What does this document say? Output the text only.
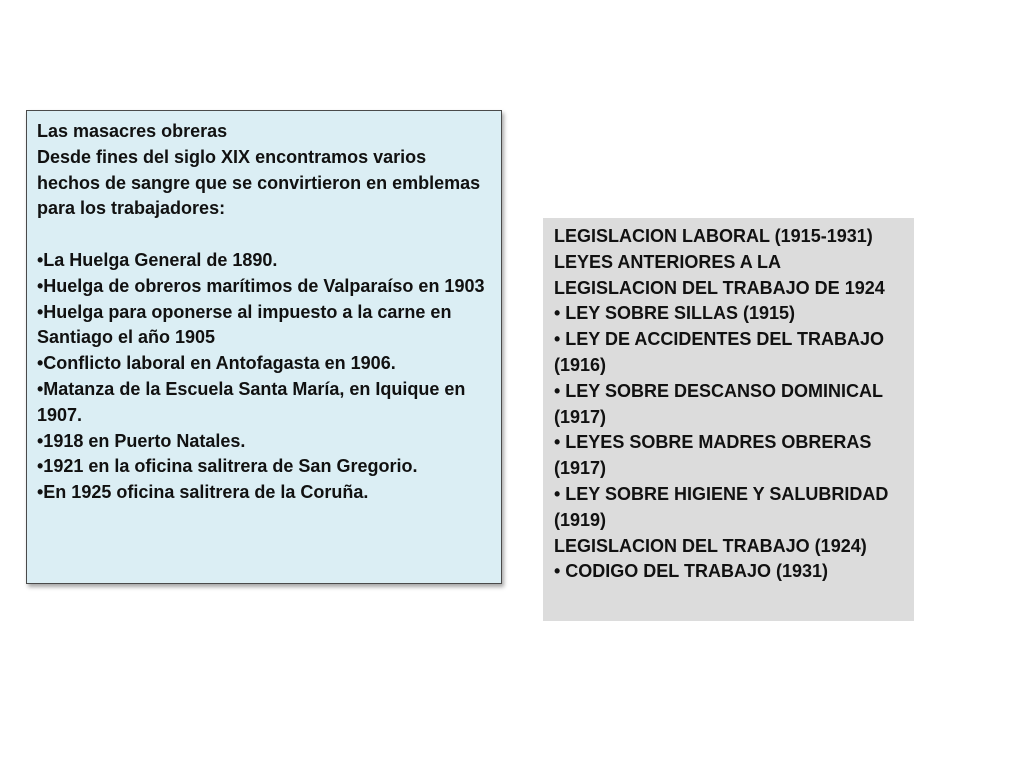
Las masacres obreras
Desde fines del siglo XIX encontramos varios hechos de sangre que se convirtieron en emblemas para los trabajadores:
•La Huelga General de 1890.
•Huelga de obreros marítimos de Valparaíso en 1903
•Huelga para oponerse al impuesto a la carne en Santiago el año 1905
•Conflicto laboral en Antofagasta en 1906.
•Matanza de la Escuela Santa María, en Iquique en 1907.
•1918 en Puerto Natales.
•1921 en la oficina salitrera de San Gregorio.
•En 1925 oficina salitrera de la Coruña.
LEGISLACION LABORAL (1915-1931)
LEYES ANTERIORES A LA LEGISLACION DEL TRABAJO DE 1924
• LEY SOBRE SILLAS (1915)
• LEY DE ACCIDENTES DEL TRABAJO (1916)
• LEY SOBRE DESCANSO DOMINICAL (1917)
• LEYES SOBRE MADRES OBRERAS (1917)
• LEY SOBRE HIGIENE Y SALUBRIDAD (1919)
LEGISLACION DEL TRABAJO (1924)
• CODIGO DEL TRABAJO (1931)
